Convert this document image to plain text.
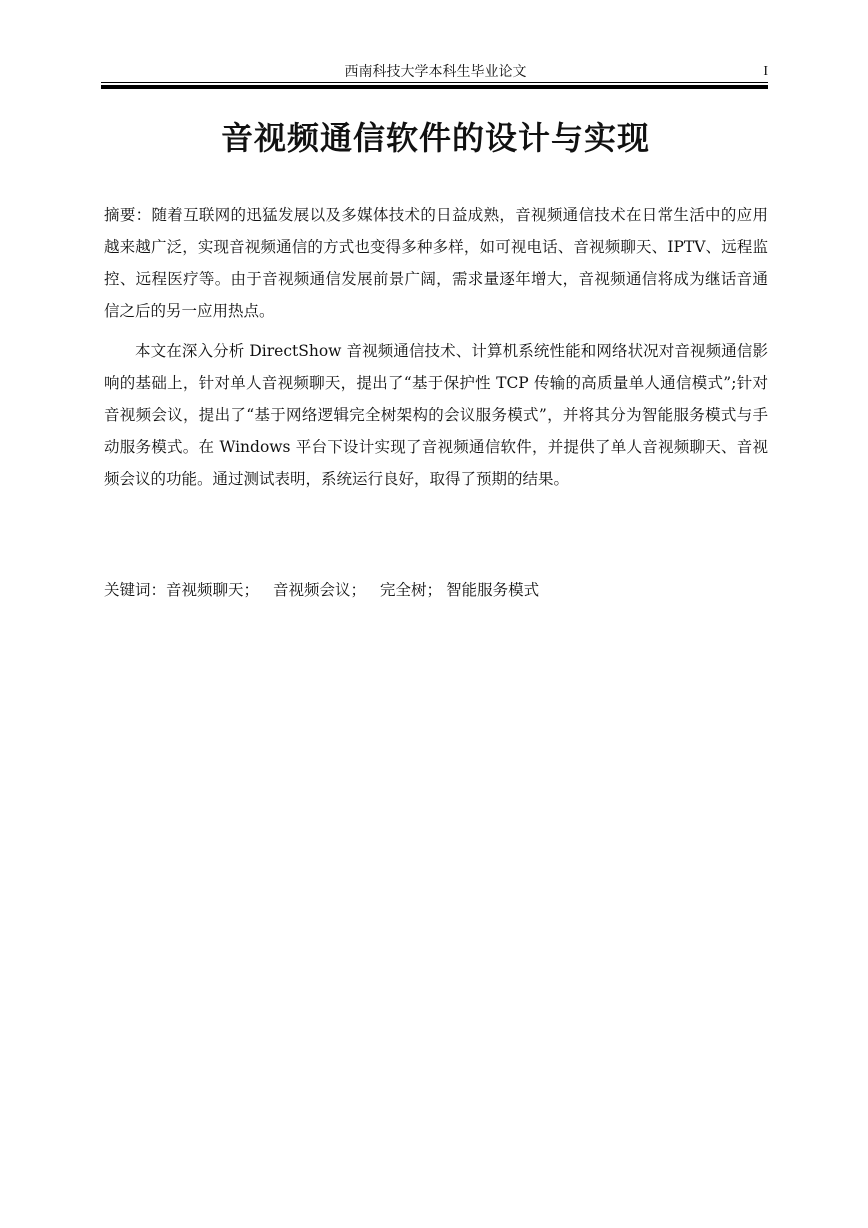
西南科技大学本科生毕业论文	I
音视频通信软件的设计与实现
摘要：随着互联网的迅猛发展以及多媒体技术的日益成熟，音视频通信技术在日常生活中的应用越来越广泛，实现音视频通信的方式也变得多种多样，如可视电话、音视频聊天、IPTV、远程监控、远程医疗等。由于音视频通信发展前景广阔，需求量逐年增大，音视频通信将成为继话音通信之后的另一应用热点。
本文在深入分析 DirectShow 音视频通信技术、计算机系统性能和网络状况对音视频通信影响的基础上，针对单人音视频聊天，提出了“基于保护性 TCP 传输的高质量单人通信模式”;针对音视频会议，提出了“基于网络逻辑完全树架构的会议服务模式”，并将其分为智能服务模式与手动服务模式。在 Windows 平台下设计实现了音视频通信软件，并提供了单人音视频聊天、音视频会议的功能。通过测试表明，系统运行良好，取得了预期的结果。
关键词：音视频聊天； 音视频会议； 完全树； 智能服务模式
